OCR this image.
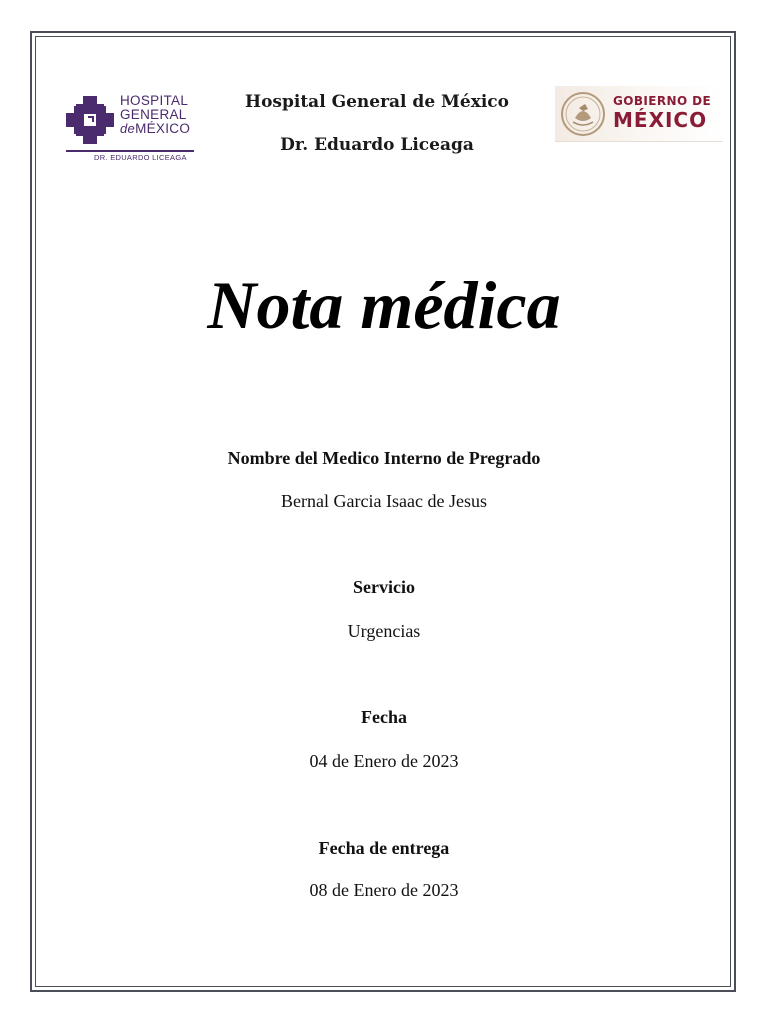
HOSPITAL
GENERAL
deMÉXICO
DR. EDUARDO LICEAGA
Hospital General de México
Dr. Eduardo Liceaga
GOBIERNO DE
MÉXICO
Nota médica
Nombre del Medico Interno de Pregrado
Bernal Garcia Isaac de Jesus
Servicio
Urgencias
Fecha
04 de Enero de 2023
Fecha de entrega
08 de Enero de 2023
